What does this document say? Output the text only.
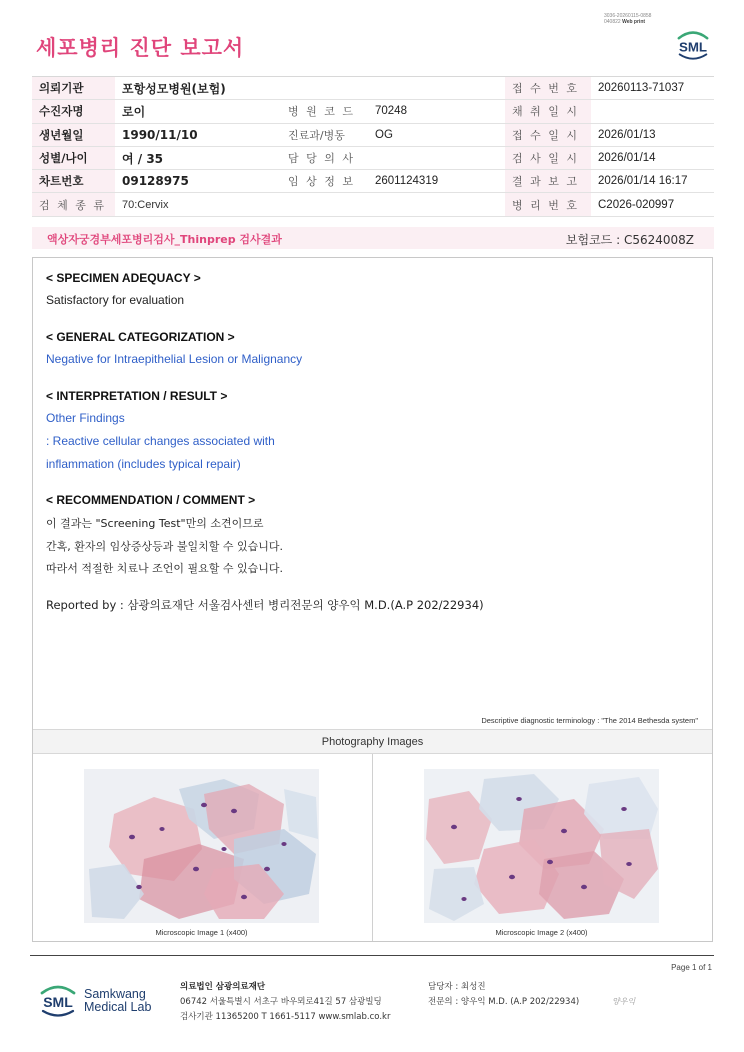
3036-20260115-0858
040822 Web print
세포병리 진단 보고서	SML
의뢰기관	포항성모병원(보험)			접 수 번 호	20260113-71037
수진자명	로이	병 원 코 드	70248	채 취 일 시	
생년월일	1990/11/10	진료과/병동	OG	접 수 일 시	2026/01/13
성별/나이	여 / 35	담 당 의 사		검 사 일 시	2026/01/14
차트번호	09128975	임 상 정 보	2601124319	결 과 보 고	2026/01/14 16:17
검 체 종 류	70:Cervix			병 리 번 호	C2026-020997
액상자궁경부세포병리검사_Thinprep 검사결과	보험코드 : C5624008Z
< SPECIMEN ADEQUACY >
Satisfactory for evaluation
< GENERAL CATEGORIZATION >
Negative for Intraepithelial Lesion or Malignancy
< INTERPRETATION / RESULT >
Other Findings
: Reactive cellular changes associated with
inflammation (includes typical repair)
< RECOMMENDATION / COMMENT >
이 결과는 "Screening Test"만의 소견이므로
간혹, 환자의 임상증상등과 불일치할 수 있습니다.
따라서 적절한 치료나 조언이 필요할 수 있습니다.
Reported by : 삼광의료재단 서울검사센터 병리전문의 양우익 M.D.(A.P 202/22934)
Descriptive diagnostic terminology : "The 2014 Bethesda system"
Photography Images
Microscopic Image 1 (x400)	Microscopic Image 2 (x400)
Page 1 of 1
SML Samkwang
Medical Lab
의료법인 삼광의료재단
06742 서울특별시 서초구 바우뫼로41길 57 삼광빌딩
검사기관 11365200 T 1661-5117 www.smlab.co.kr
담당자 : 최성진
전문의 : 양우익 M.D. (A.P 202/22934)	양우익
